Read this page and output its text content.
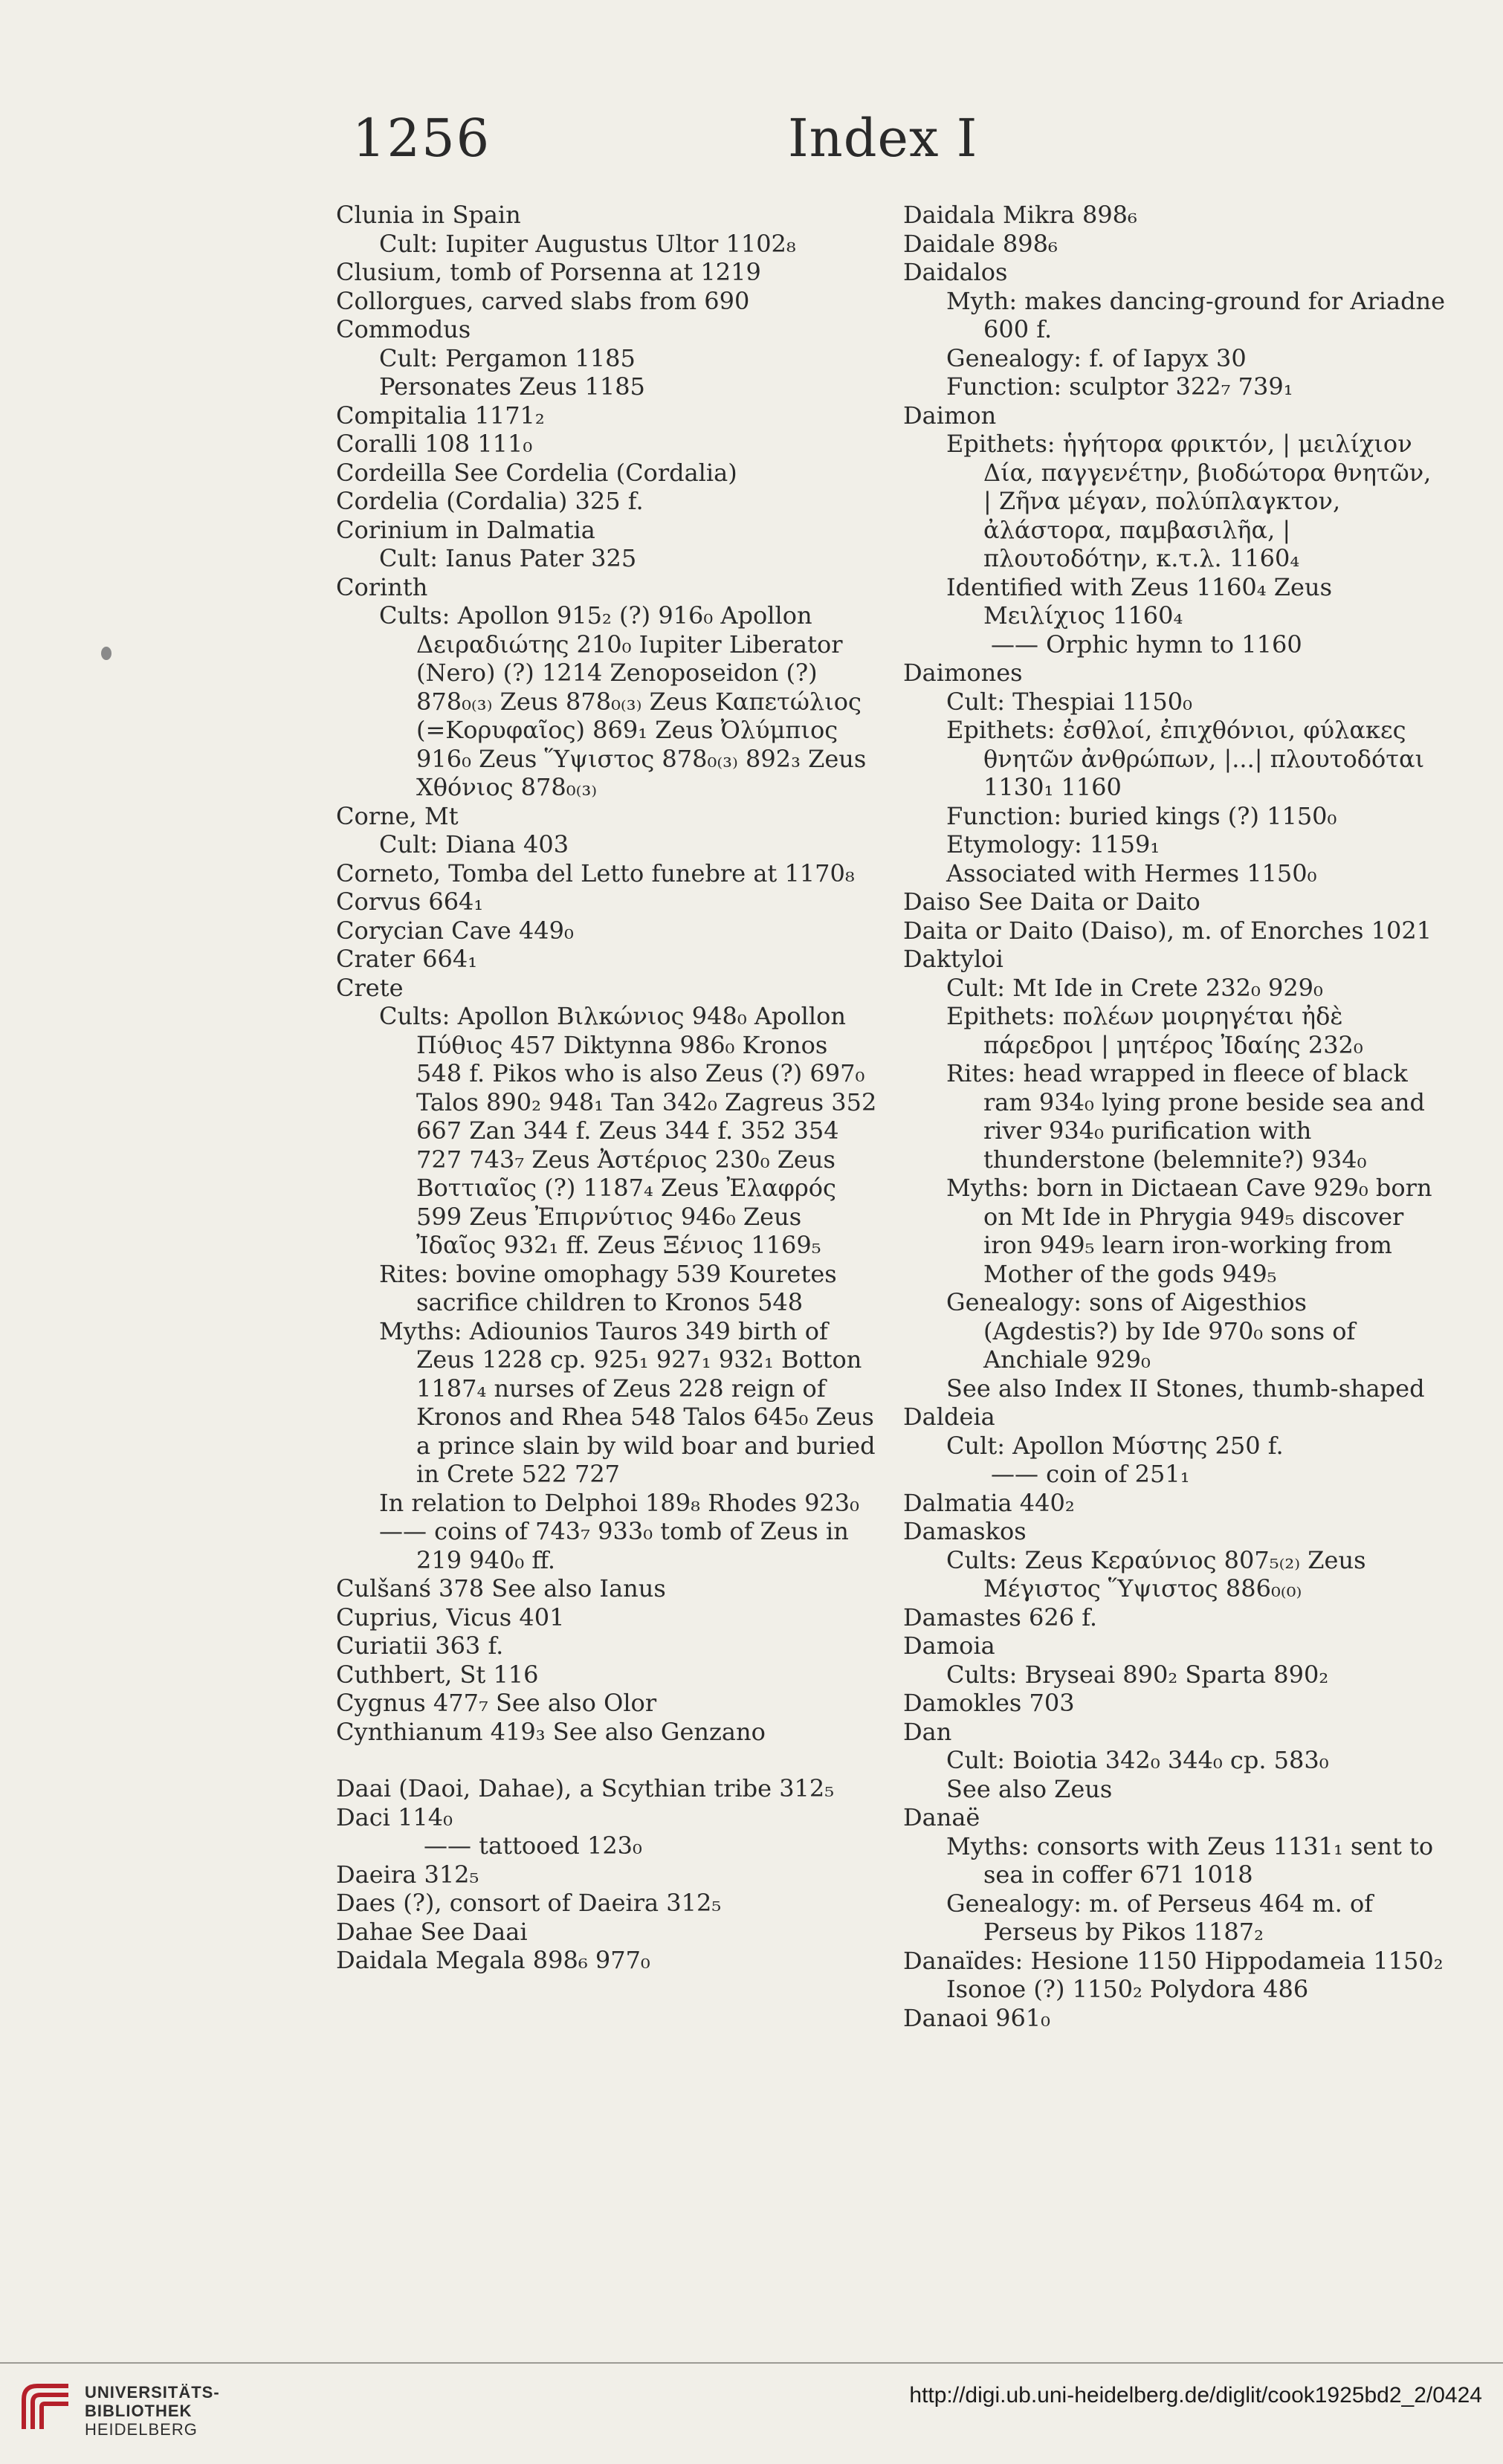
1256	Index I

Clunia in Spain

Cult: Iupiter Augustus Ultor 1102₈

Clusium, tomb of Porsenna at 1219

Collorgues, carved slabs from 690

Commodus

Cult: Pergamon 1185

Personates Zeus 1185

Compitalia 1171₂

Coralli 108 111₀

Cordeilla See Cordelia (Cordalia)

Cordelia (Cordalia) 325 f.

Corinium in Dalmatia

Cult: Ianus Pater 325

Corinth

Cults: Apollon 915₂ (?) 916₀ Apollon Δειραδιώτης 210₀ Iupiter Liberator (Nero) (?) 1214 Zenoposeidon (?) 878₀₍₃₎ Zeus 878₀₍₃₎ Zeus Καπετώλιος (=Κορυφαῖος) 869₁ Zeus Ὀλύμπιος 916₀ Zeus Ὕψιστος 878₀₍₃₎ 892₃ Zeus Χθόνιος 878₀₍₃₎

Corne, Mt

Cult: Diana 403

Corneto, Tomba del Letto funebre at 1170₈

Corvus 664₁

Corycian Cave 449₀

Crater 664₁

Crete

Cults: Apollon Βιλκώνιος 948₀ Apollon Πύθιος 457 Diktynna 986₀ Kronos 548 f. Pikos who is also Zeus (?) 697₀ Talos 890₂ 948₁ Tan 342₀ Zagreus 352 667 Zan 344 f. Zeus 344 f. 352 354 727 743₇ Zeus Ἀστέριος 230₀ Zeus Βοττιαῖος (?) 1187₄ Zeus Ἐλαφρός 599 Zeus Ἐπιρνύτιος 946₀ Zeus Ἰδαῖος 932₁ ff. Zeus Ξένιος 1169₅

Rites: bovine omophagy 539 Kouretes sacrifice children to Kronos 548

Myths: Adiounios Tauros 349 birth of Zeus 1228 cp. 925₁ 927₁ 932₁ Botton 1187₄ nurses of Zeus 228 reign of Kronos and Rhea 548 Talos 645₀ Zeus a prince slain by wild boar and buried in Crete 522 727

In relation to Delphoi 189₈ Rhodes 923₀

—— coins of 743₇ 933₀ tomb of Zeus in 219 940₀ ff.

Culšanś 378 See also Ianus

Cuprius, Vicus 401

Curiatii 363 f.

Cuthbert, St 116

Cygnus 477₇ See also Olor

Cynthianum 419₃ See also Genzano

Daai (Daoi, Dahae), a Scythian tribe 312₅

Daci 114₀

—— tattooed 123₀

Daeira 312₅

Daes (?), consort of Daeira 312₅

Dahae See Daai

Daidala Megala 898₆ 977₀

Daidala Mikra 898₆

Daidale 898₆

Daidalos

Myth: makes dancing-ground for Ariadne 600 f.

Genealogy: f. of Iapyx 30

Function: sculptor 322₇ 739₁

Daimon

Epithets: ἡγήτορα φρικτόν, | μειλίχιον Δία, παγγενέτην, βιοδώτορα θνητῶν, | Ζῆνα μέγαν, πολύπλαγκτον, ἀλάστορα, παμβασιλῆα, | πλουτοδότην, κ.τ.λ. 1160₄

Identified with Zeus 1160₄ Zeus Μειλίχιος 1160₄

—— Orphic hymn to 1160

Daimones

Cult: Thespiai 1150₀

Epithets: ἐσθλοί, ἐπιχθόνιοι, φύλακες θνητῶν ἀνθρώπων, |...| πλουτοδόται 1130₁ 1160

Function: buried kings (?) 1150₀

Etymology: 1159₁

Associated with Hermes 1150₀

Daiso See Daita or Daito

Daita or Daito (Daiso), m. of Enorches 1021

Daktyloi

Cult: Mt Ide in Crete 232₀ 929₀

Epithets: πολέων μοιρηγέται ἠδὲ πάρεδροι | μητέρος Ἰδαίης 232₀

Rites: head wrapped in fleece of black ram 934₀ lying prone beside sea and river 934₀ purification with thunderstone (belemnite?) 934₀

Myths: born in Dictaean Cave 929₀ born on Mt Ide in Phrygia 949₅ discover iron 949₅ learn iron-working from Mother of the gods 949₅

Genealogy: sons of Aigesthios (Agdestis?) by Ide 970₀ sons of Anchiale 929₀

See also Index II Stones, thumb-shaped

Daldeia

Cult: Apollon Μύστης 250 f.

—— coin of 251₁

Dalmatia 440₂

Damaskos

Cults: Zeus Κεραύνιος 807₅₍₂₎ Zeus Μέγιστος Ὕψιστος 886₀₍₀₎

Damastes 626 f.

Damoia

Cults: Bryseai 890₂ Sparta 890₂

Damokles 703

Dan

Cult: Boiotia 342₀ 344₀ cp. 583₀

See also Zeus

Danaë

Myths: consorts with Zeus 1131₁ sent to sea in coffer 671 1018

Genealogy: m. of Perseus 464 m. of Perseus by Pikos 1187₂

Danaïdes: Hesione 1150 Hippodameia 1150₂ Isonoe (?) 1150₂ Polydora 486

Danaoi 961₀

UNIVERSITÄTS-
BIBLIOTHEK
HEIDELBERG
http://digi.ub.uni-heidelberg.de/diglit/cook1925bd2_2/0424
